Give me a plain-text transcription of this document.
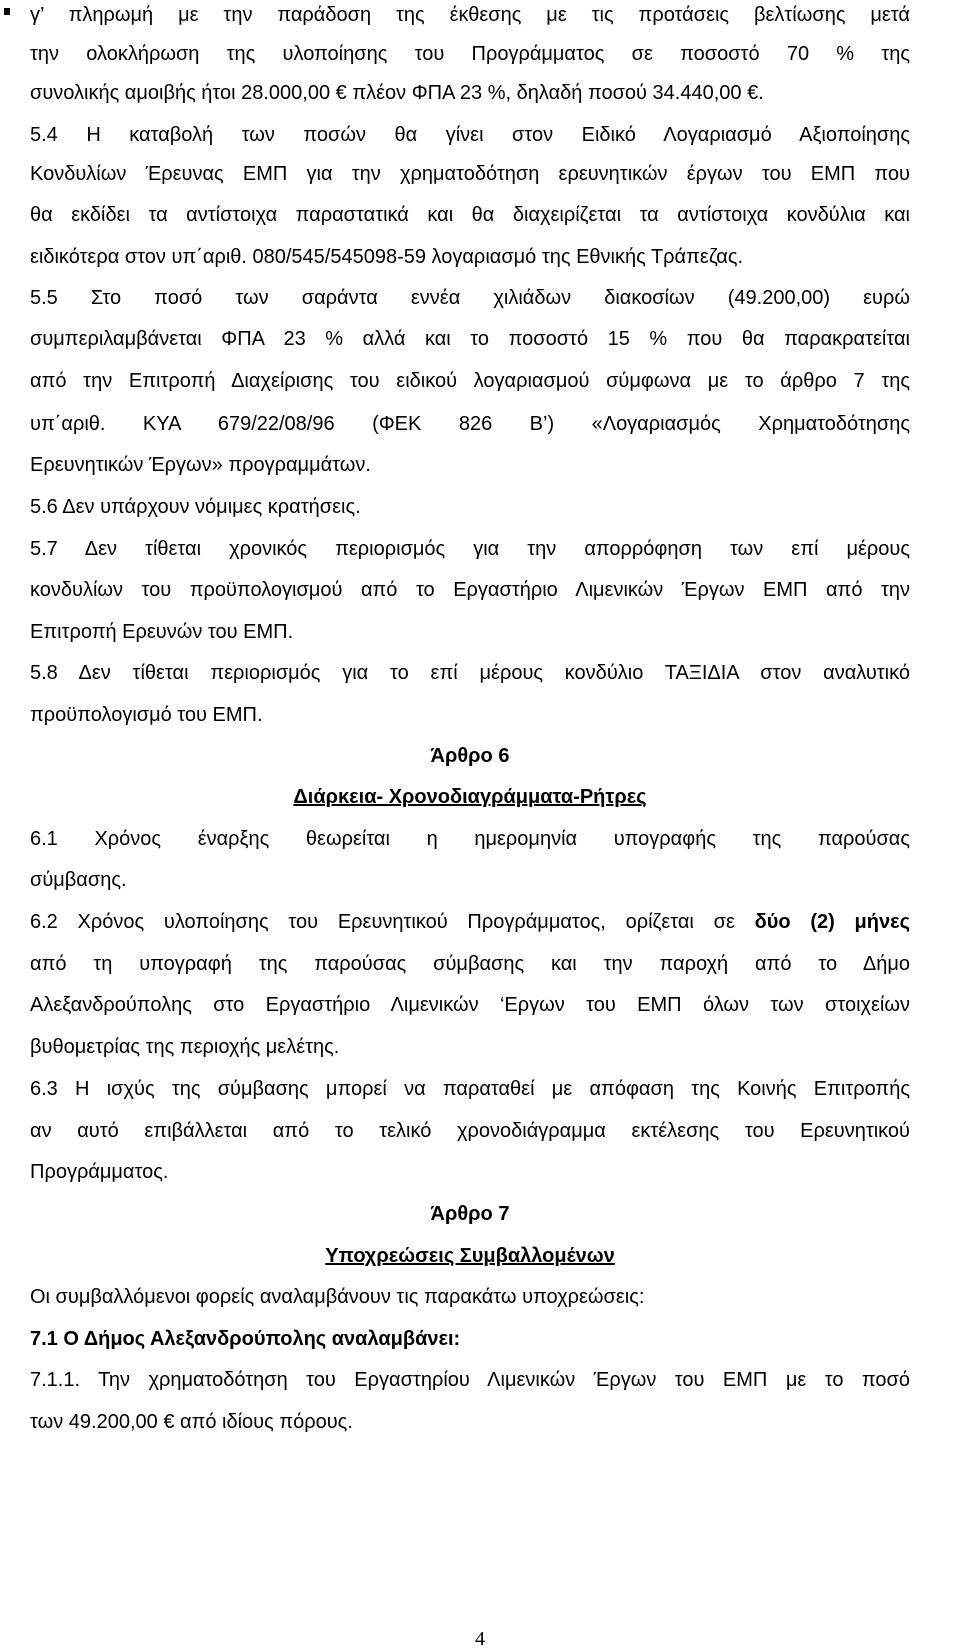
γ’ πληρωμή με την παράδοση της έκθεσης με τις προτάσεις βελτίωσης μετά
την ολοκλήρωση της υλοποίησης του Προγράμματος σε ποσοστό 70 % της
συνολικής αμοιβής ήτοι 28.000,00 € πλέον ΦΠΑ 23 %, δηλαδή ποσού 34.440,00 €.
5.4 Η καταβολή των ποσών θα γίνει στον Ειδικό Λογαριασμό Αξιοποίησης
Κονδυλίων Έρευνας ΕΜΠ για την χρηματοδότηση ερευνητικών έργων του ΕΜΠ που
θα εκδίδει τα αντίστοιχα παραστατικά και θα διαχειρίζεται τα αντίστοιχα κονδύλια και
ειδικότερα στον υπ΄αριθ. 080/545/545098-59 λογαριασμό της Εθνικής Τράπεζας.
5.5 Στο ποσό των σαράντα εννέα χιλιάδων διακοσίων (49.200,00) ευρώ
συμπεριλαμβάνεται ΦΠΑ 23 % αλλά και το ποσοστό 15 % που θα παρακρατείται
από την Επιτροπή Διαχείρισης του ειδικού λογαριασμού σύμφωνα με το άρθρο 7 της
υπ΄αριθ. ΚΥΑ 679/22/08/96 (ΦΕΚ 826 Β’) «Λογαριασμός Χρηματοδότησης
Ερευνητικών Έργων» προγραμμάτων.
5.6 Δεν υπάρχουν νόμιμες κρατήσεις.
5.7 Δεν τίθεται χρονικός περιορισμός για την απορρόφηση των επί μέρους
κονδυλίων του προϋπολογισμού από το Εργαστήριο Λιμενικών Έργων ΕΜΠ από την
Επιτροπή Ερευνών του ΕΜΠ.
5.8 Δεν τίθεται περιορισμός για το επί μέρους κονδύλιο ΤΑΞΙΔΙΑ στον αναλυτικό
προϋπολογισμό του ΕΜΠ.
Άρθρο 6
Διάρκεια- Χρονοδιαγράμματα-Ρήτρες
6.1 Χρόνος έναρξης θεωρείται η ημερομηνία υπογραφής της παρούσας
σύμβασης.
6.2 Χρόνος υλοποίησης του Ερευνητικού Προγράμματος, ορίζεται σε δύο (2) μήνες
από τη υπογραφή της παρούσας σύμβασης και την παροχή από το Δήμο
Αλεξανδρούπολης στο Εργαστήριο Λιμενικών ‘Εργων του ΕΜΠ όλων των στοιχείων
βυθομετρίας της περιοχής μελέτης.
6.3 Η ισχύς της σύμβασης μπορεί να παραταθεί με απόφαση της Κοινής Επιτροπής
αν αυτό επιβάλλεται από το τελικό χρονοδιάγραμμα εκτέλεσης του Ερευνητικού
Προγράμματος.
Άρθρο 7
Υποχρεώσεις Συμβαλλομένων
Οι συμβαλλόμενοι φορείς αναλαμβάνουν τις παρακάτω υποχρεώσεις:
7.1 Ο Δήμος Αλεξανδρούπολης αναλαμβάνει:
7.1.1. Την χρηματοδότηση του Εργαστηρίου Λιμενικών Έργων του ΕΜΠ με το ποσό
των 49.200,00 € από ιδίους πόρους.
4
